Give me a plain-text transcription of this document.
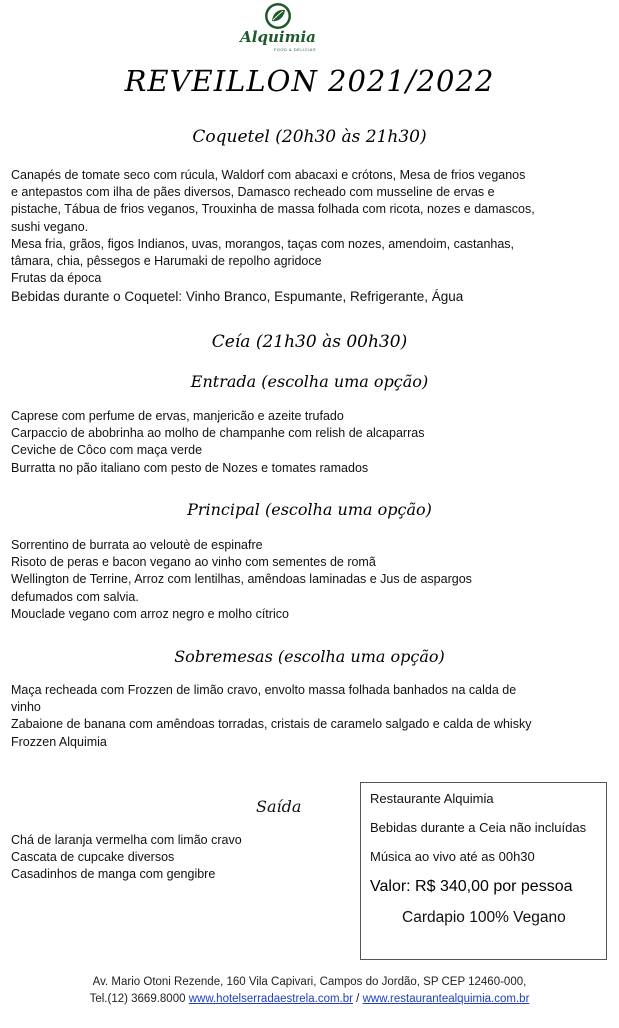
Alquimia
FOOD & DELICIAS
REVEILLON 2021/2022
Coquetel (20h30 às 21h30)
Canapés de tomate seco com rúcula, Waldorf com abacaxi e crótons, Mesa de frios veganos
e antepastos com ilha de pães diversos, Damasco recheado com musseline de ervas e
pistache, Tábua de frios veganos, Trouxinha de massa folhada com ricota, nozes e damascos,
sushi vegano.
Mesa fria, grãos, figos Indianos, uvas, morangos, taças com nozes, amendoim, castanhas,
tâmara, chia, pêssegos e Harumaki de repolho agridoce
Frutas da época
Bebidas durante o Coquetel: Vinho Branco, Espumante, Refrigerante, Água
Ceía (21h30 às 00h30)
Entrada (escolha uma opção)
Caprese com perfume de ervas, manjericão e azeite trufado
Carpaccio de abobrinha ao molho de champanhe com relish de alcaparras
Ceviche de Côco com maça verde
Burratta no pão italiano com pesto de Nozes e tomates ramados
Principal (escolha uma opção)
Sorrentino de burrata ao veloutè de espinafre
Risoto de peras e bacon vegano ao vinho com sementes de romã
Wellington de Terrine, Arroz com lentilhas, amêndoas laminadas e Jus de aspargos
defumados com salvia.
Mouclade vegano com arroz negro e molho cítrico
Sobremesas (escolha uma opção)
Maça recheada com Frozzen de limão cravo, envolto massa folhada banhados na calda de
vinho
Zabaione de banana com amêndoas torradas, cristais de caramelo salgado e calda de whisky
Frozzen Alquimia
Saída
Chá de laranja vermelha com limão cravo
Cascata de cupcake diversos
Casadinhos de manga com gengibre
Restaurante Alquimia
Bebidas durante a Ceia não incluídas
Música ao vivo até as 00h30
Valor: R$ 340,00 por pessoa
Cardapio 100% Vegano
Av. Mario Otoni Rezende, 160 Vila Capivari, Campos do Jordão, SP CEP 12460-000,
Tel.(12) 3669.8000 www.hotelserradaestrela.com.br / www.restaurantealquimia.com.br
